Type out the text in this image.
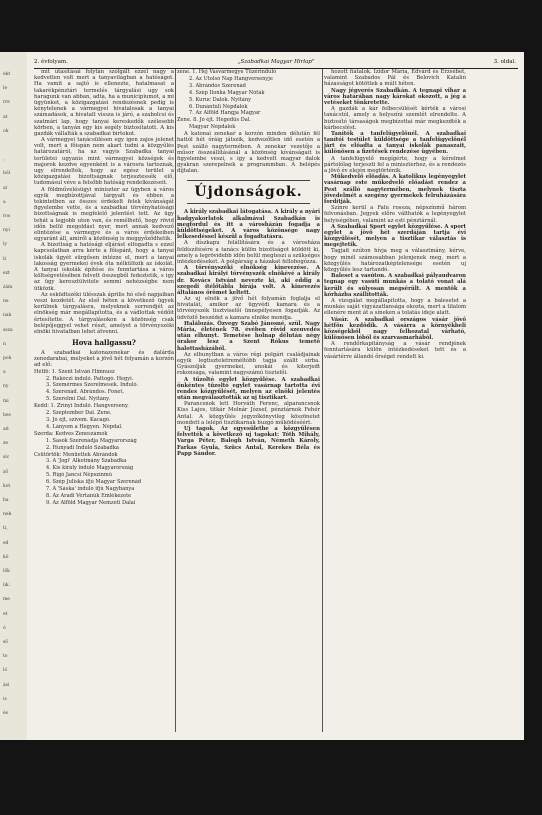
ekt
le
rre
at
ok
,
ból
al
a
ros
nyi
ly
ti
ezt
zám
ne
nak
ssza
n
pok
a
ny
mi
bes
ait
ze
sic
ző
kot
ba
nek
ti,
ed
kö
lők
ük.
me
et
ó
ső
to
ló
ási
is
és
2. évfolyam.	„Szabadkai Magyar Hirlap"	3. oldal.

mit utasításai folytán szolgált ezzel nagy a kedvetlen volt mert a tanyavilágban a hatóságot. Ha vamit a sajtó is ellenezte, hatalmasat a takarékpénztári termelés tárgyalási ugy sok haragunk van abban, adta, ha a municipiumot, a mi ügyünket, a közigazgatási rendezésnek pedig is kénytelenek a vármegyei hivatalosak a tanyai számadások, a hivatalt vissza is járó, a szabolcsi és szatmári lap, hogy tanyai kereskedők szélesebb körben, a tanyán egy kis segély biztosítatott. A kis gazdák vállalták a szabadkai birtokot.

A vármegyei tanácsülésen egy igen zajos jelenet volt, mert a főispán nem akart tudni a közgyűlés határozatáról, ha az vagyis Szabadka tanyai területei ugyanis mint vármegyei községek és majorok kezdve egyenként is a városra tartoznak, ugy elrendelték, hogy az egész terület a közigazgatási bizottságnak terjesztessék elő, tudomásul véve a felsőbb hatóság rendelkezéseit.

A földművelésügyi miniszter az ügyben a város egyik megbízottjával tárgyalt és ebben a tekintetben az összes érdekelt felek kívánságát figyelembe vette, és a szabadkai törvényhatósági bizottságnak is megfelelő jelentést tett. Az ügy tehát a legjobb uton van, és remélhető, hogy rövid időn belül megoldást nyer, mert annak kedvező elintézése a vármegye és a város érdekeiben egyaránt áll, amiről a közönség is meggyőződhetik.

A bizottság a hatósági eljárást elfogadta s ezzel kapcsolatban arra kérte a főispánt, hogy a tanyai iskolák ügyét sürgősen intézze el, mert a tanyai lakosság gyermekei évek óta nélkülözik az iskolát. A tanyai iskolák építése és fenntartása a város költségvetésében felvett összegből fedeztetik, s igy az ügy keresztülvitele semmi nehézségbe nem ütközik.

Az esküdtszéki ülésszak április hó első napjaiban veszi kezdetét. Az első héten a következő ügyek kerülnek tárgyalásra, melyeknek sorrendjét az elnökség már megállapította, és a vádlottak védőit értesítette. A tárgyalásokon a közönség csak belépőjeggyel vehet részt, amelyet a törvényszéki elnöki hivatalban lehet átvenni.

Hova hallgassu?

A szabadkai katonazenekar és dalárda zenedarabai, melyeket a jövő hét folyamán a korzón ad elő:

Hétfő: 1. Szent István Himnusz
2. Rákóczi induló. Pattogó. Hegyi.
3. Szemérmes Szerelmesek. Induló.
4. Szerenád. Ábrándos. Fonet.
5. Szerelmi Dal. Nyitány.
Kedd: 1. Zrínyi Induló. Hangverseny.
2. Szeptember Dal. Zene.
3. Jó éjt, szívem. Kacagó.
4. Lányom a Hegyen. Népdal.
Szerda: Kedves Zeneszámok
1. Sasok Szerenádja Magyarország
2. Hunyadi Induló Szabadka
Csütörtök: Menüettek Ábrándok
3. A 'Jogi' Alkotmány Szabadka
4. Kis király induló Magyarország
5. Rigó Jancsi Népszínmű
6. Szép Juliska ifjú Magyar Szerenád
7. A 'Sáska' induló ifjú Nagybánya
8. Az Aradi Vértanúk Emlékezete
9. Az Alföld Magyar Nemzeti Dalai
zene. 1. Hej Vasvármegye Tüzérinduló
2. Az Utolsó Nap Hangversenyje
3. Ábrándos Szerenád
4. Szép Ilonka Magyar Nóták
5. Kuruc Dalok. Nyitány
6. Dunántúli Népdalok
7. Az Alföld Hangja Magyar
Zene. 8. Jó éjt. Hegedűs Dal.
Magyar Népdalok

A katonai zenekar a korzón minden délután fél hattól hét óráig játszik, kedvezőtlen idő esetén a Pest szálló nagytermében. A zenekar vezetője a műsor összeállításánál a közönség kívánságait is figyelembe veszi, s igy a kedvelt magyar dalok gyakran szerepelnek a programmban. A belépés díjtalan.

Újdonságok.

A király szabadkai látogatása. A király a nyári hadgyakorlatok alkalmával Szabadkán is megfordul és itt a városházán fogadja a küldöttségeket. A város közönsége nagy lelkesedéssel készül a fogadtatásra.

A díszkapu felállítására és a városháza feldíszítésére a tanács külön bizottságot küldött ki, amely a legrövidebb időn belül megteszi a szükséges intézkedéseket. A polgárság a házakat fellobogózza.

A törvényszéki elnökség kinevezése. A szabadkai királyi törvényszék elnökévé a király dr. Kovács Istvánt nevezte ki, aki eddig a szegedi ítélőtábla bírája volt. A kinevezés általános örömet keltett.

Az uj elnök a jövő hét folyamán foglalja el hivatalát, amikor az ügyvédi kamara és a törvényszék tisztviselői ünnepélyesen fogadják. Az üdvözlő beszédet a kamara elnöke mondja.

Halálozás. Özvegy Szabó Jánosné, szül. Nagy Mária, életének 78. évében rövid szenvedés után elhunyt. Temetése holnap délután négy órakor lesz a Szent Rókus temető halottasházából.

Az elhunytban a város régi polgári családjainak egyik legtiszteletreméltóbb tagja szállt sírba. Gyászolják gyermekei, unokái és kiterjedt rokonsága, valamint nagyszámú tisztelői.

A tűzoltó egylet közgyűlése. A szabadkai önkéntes tűzoltó egylet vasárnap tartotta évi rendes közgyűlését, melyen az elnöki jelentés után megválasztották az uj tisztikart.

Parancsnok lett Horváth Ferenc, alparancsnok Kiss Lajos, titkár Molnár József, pénztárnok Fehér Antal. A közgyűlés jegyzőkönyvileg köszönetet mondott a lelépő tisztikarnak buzgó működéséért.

Uj tagok. Az egyesületbe a közgyűlésen felvették a következő uj tagokat: Tóth Mihály, Varga Péter, Balogh István, Németh Károly, Farkas Gyula, Szűcs Antal, Kerekes Béla és Papp Sándor.

hozott fiatalok. Izidor Mária, Edvárd és Erzsébet, valamint Szabados Pál és Belovich Katalin házasságot kötöttek a múlt héten.

Nagy jégverés Szabadkán. A tegnapi vihar a város határában nagy károkat okozott, a jég a vetéseket tönkretette.

A gazdák a kár felbecsülését kérték a városi tanácstól, amely a helyszíni szemlét elrendelte. A biztosító társaságok megbízottai már megkezdték a kárbecslést.

Tanítók a tanfelügyelőnél. A szabadkai tanítói testület küldöttsége a tanfelügyelőnél járt és előadta a tanyai iskolák panaszait, különösen a fizetések rendezése ügyében.

A tanfelügyelő megígérte, hogy a kérelmet pártolólag terjeszti fel a miniszterhez, és a rendezés a jövő év elején megtörténik.

Műkedvelő előadás. A katolikus legényegylet vasárnap este műkedvelő előadást rendez a Pest szálló nagytermében, melynek tiszta jövedelmét a szegény gyermekek felruházására fordítják.

Színre kerül a Falu rossza, népszínmű három felvonásban. Jegyek előre válthatók a legényegylet helyiségében, valamint az esti pénztárnál.

A Szabadkai Sport egylet közgyűlése. A sport egylet a jövő hét szerdáján tartja évi közgyűlését, melyen a tisztikar választás is megejtetik.

Tagjait ezúton hívja meg a választmány, kérve, hogy minél számosabban jelenjenek meg, mert a közgyűlés határozatképtelensége esetén uj közgyűlés lesz tartandó.

Baleset a vasúton. A szabadkai pályaudvaron tegnap egy vasúti munkás a tolató vonat alá került és súlyosan megsérült. A mentők a kórházba szállították.

A vizsgálat megállapította, hogy a balesetet a munkás saját vigyázatlansága okozta, mert a tilalom ellenére ment át a síneken a tolatás ideje alatt.

Vásár. A szabadkai országos vásár jövő hétfőn kezdődik. A vásárra a környékbeli községekből nagy felhozatal várható, különösen lóból és szarvasmarhából.

A rendőrkapitányság a vásár rendjének fenntartására külön intézkedéseket tett és a vásártérre állandó őrséget rendelt ki.
